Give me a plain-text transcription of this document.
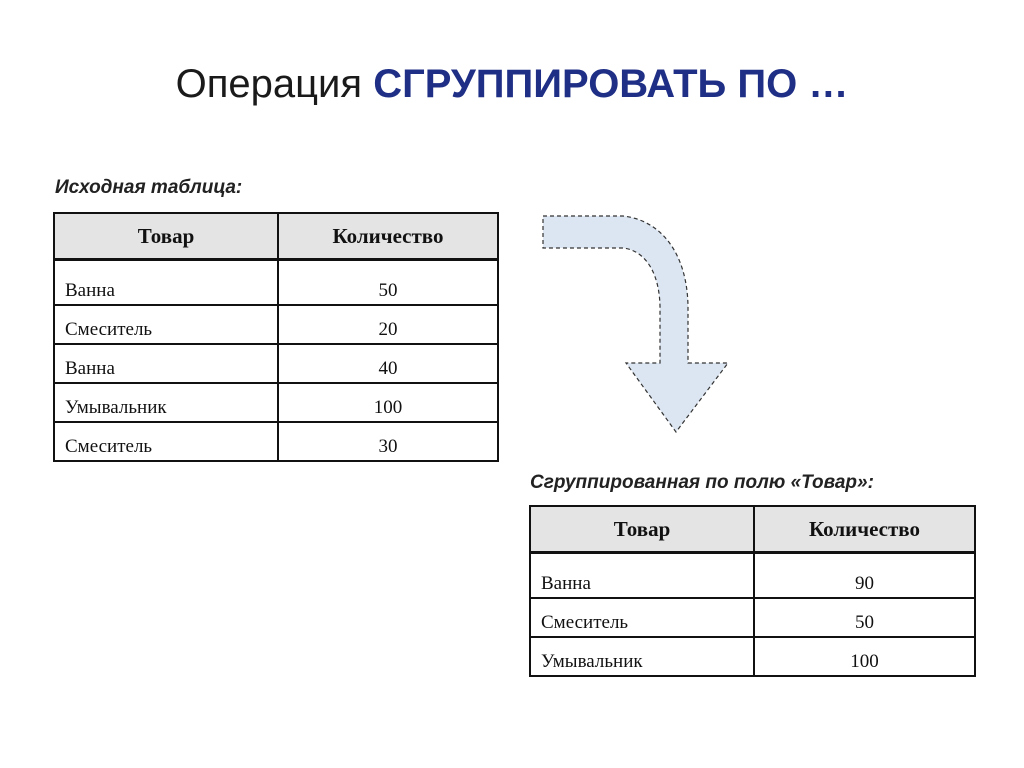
Операция СГРУППИРОВАТЬ ПО …
Исходная таблица:
Товар	Количество
Ванна	50
Смеситель	20
Ванна	40
Умывальник	100
Смеситель	30
Сгруппированная по полю «Товар»:
Товар	Количество
Ванна	90
Смеситель	50
Умывальник	100
